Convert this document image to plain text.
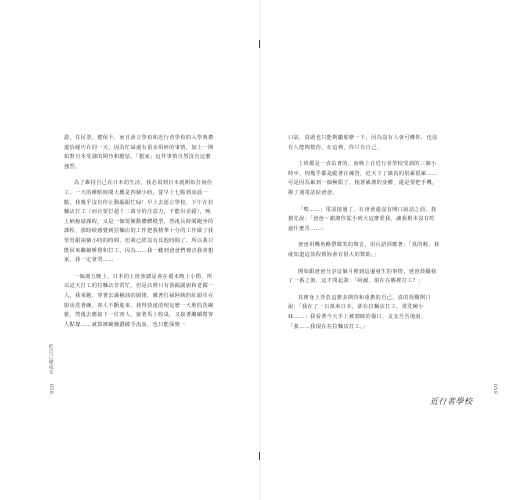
證，住民票、健保卡，而且語言學校和近行者學校的入學典禮還恰碰巧在同一天，因為忙碌還有很多煩碎的事情，加上一開始對日本受課的期待和膽怯，「想家」這件事情自然沒有這麼強烈。

為了維持自己在日本的生活，我必須到日本就開始打兩份工，一天的睡眠時間大概是四個小時，從早上七點到凌晨一點，我幾乎沒有停止動腦跟忙碌！早上去語言學校，下午在拉麵店打工（而且要打超十二萬分的注意力，不能出差錯），晚上納稅請課程，又是一個要搬動體體模型，然後長時間跑坐的課程，那時候感覺到拉麵店的工作把我精華十分的工作做了我學習跟兩個小時的時間，但我已經沒有其他時間了，所以我只能回來繼續睡覺和打工，因為……我一聽到爸爸們聲音我會想家，我一定會哭……

一個週五晚上，日本的上班族總是會在週末晚上小酌，所以這天打工的拉麵店非常忙，但是店裡只有我跟副廚和老闆一人，我來跑、穿著去滿桶油的圍裙，戴著打掃阿姨的紅頭巾在廚房洗著碗，客人不斷進來，我得快速清理這麼一大堆的洗碗篋，然後去應接下一位客人，接著馬上收桌，又接著繼續幫客人點餐……就算被碗盤劃破手流血，也只能深吸一

把自己變成光
058

口氣，眉頭也只能夠皺那麼一下，因為沒有人會可憐你，也沒有人能夠幫你，在這裡，你只有自己。

上班都是一直站著的，而晚上在近行者學校受訓的三個小時中，則幾乎都是跪著在練習，近天下了課真的很累很累……可是因為累到一個極限了，拖著累壞的身體，還是要把手機，撥了通電話給爸爸。

「喂……」電話接通了，在爸爸還沒有開口說話之前，我搶先說：「爸爸～謝謝你從小到大這麼愛我，讓我根本沒有吃過什麼苦……」

爸爸用嘴角略帶微笑的聲音，用台語回應著：「真的喔，我就知道這款程到妳會有很大的幫助。」

開始跟爸爸分享這個月裡到這邊發生的事情，爸爸鼓勵我了一番之後，這才問起我：「阿爾，現在在哪裡打工？」

其實身上背負這麼多期待和重擔的自己，真的很難開口說：「我在了一百萬來日本，卻在拉麵店打工，當洗碗小妹……」我看著今天手上被割破的傷口，支支吾吾地說：「我……我現在在拉麵店打工。」

近行者學校
059
